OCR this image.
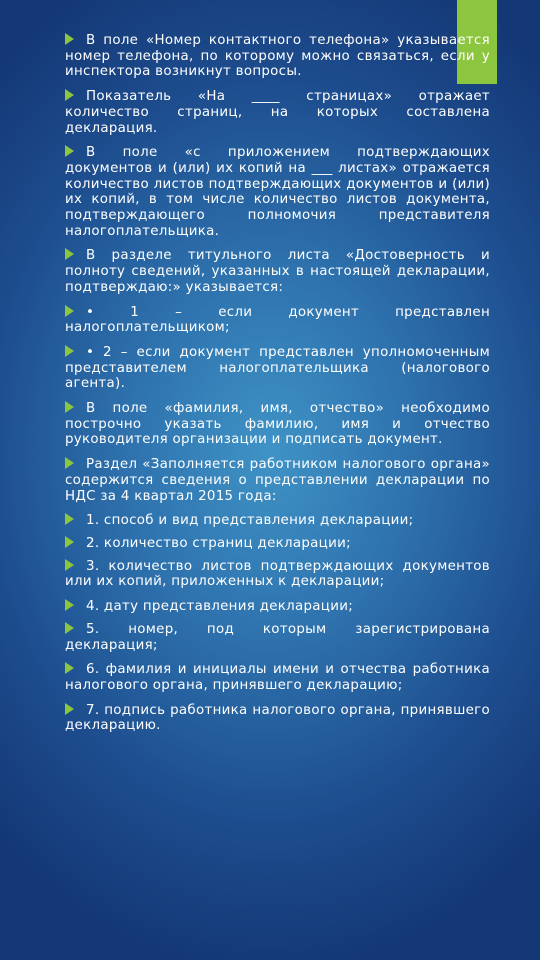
В поле «Номер контактного телефона» указывается номер телефона, по которому можно связаться, если у инспектора возникнут вопросы.

Показатель «На ____ страницах» отражает количество страниц, на которых составлена декларация.

В поле «с приложением подтверждающих документов и (или) их копий на ___ листах» отражается количество листов подтверждающих документов и (или) их копий, в том числе количество листов документа, подтверждающего полномочия представителя налогоплательщика.

В разделе титульного листа «Достоверность и полноту сведений, указанных в настоящей декларации, подтверждаю:» указывается:

• 1 – если документ представлен налогоплательщиком;

• 2 – если документ представлен уполномоченным представителем налогоплательщика (налогового агента).

В поле «фамилия, имя, отчество» необходимо построчно указать фамилию, имя и отчество руководителя организации и подписать документ.

Раздел «Заполняется работником налогового органа» содержится сведения о представлении декларации по НДС за 4 квартал 2015 года:

1. способ и вид представления декларации;

2. количество страниц декларации;

3. количество листов подтверждающих документов или их копий, приложенных к декларации;

4. дату представления декларации;

5. номер, под которым зарегистрирована декларация;

6. фамилия и инициалы имени и отчества работника налогового органа, принявшего декларацию;

7. подпись работника налогового органа, принявшего декларацию.
